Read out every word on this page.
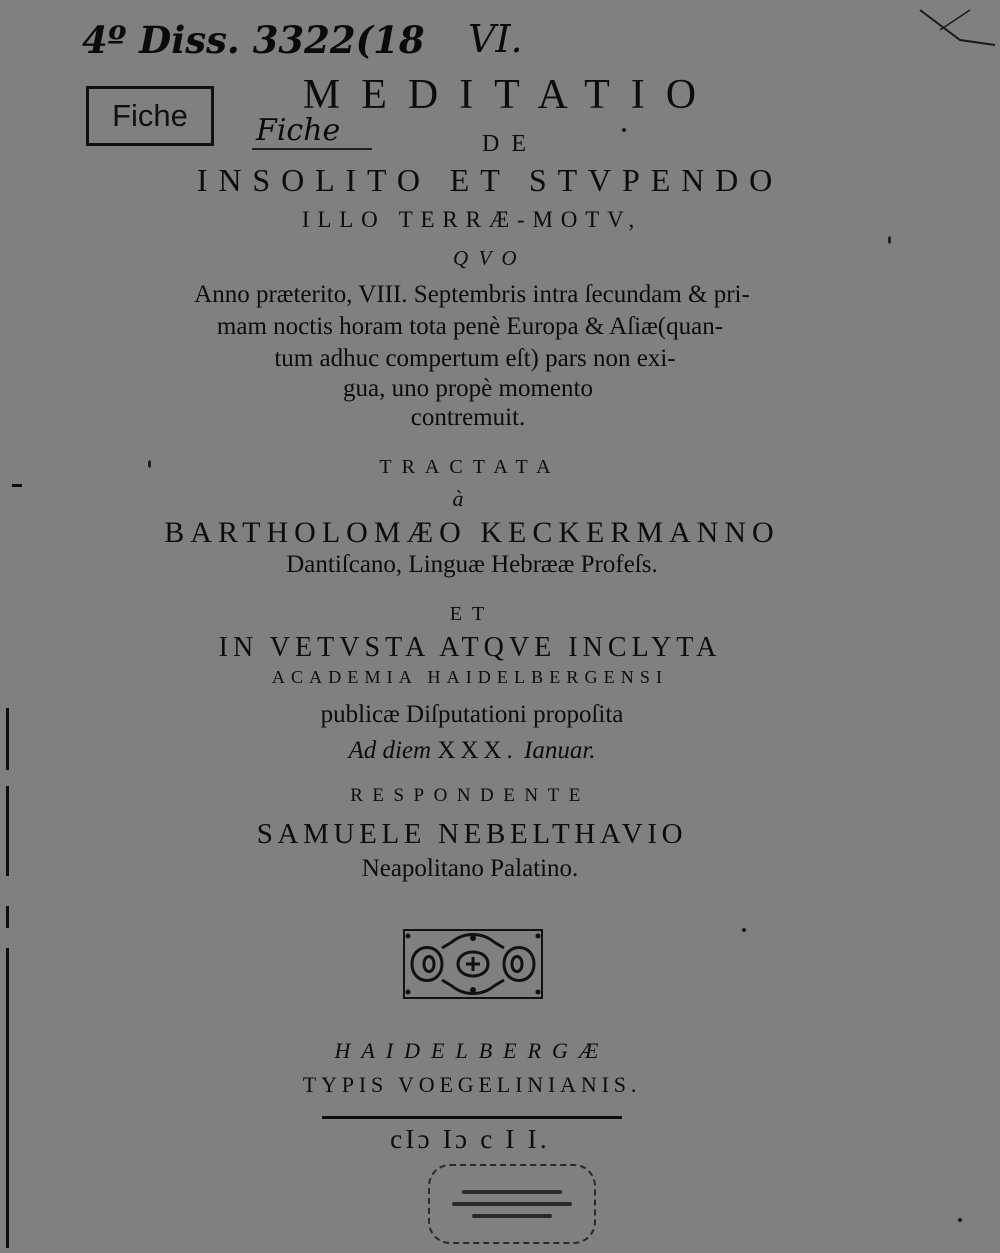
4º Diss. 3322(18 VI.
Fiche Fiche
MEDITATIO
DE
INSOLITO ET STVPENDO
ILLO TERRÆ-MOTV,
QVO
Anno præterito, VIII. Septembris intra ſecundam & pri-
mam noctis horam tota penè Europa & Aſiæ(quan-
tum adhuc compertum eſt) pars non exi-
gua, uno propè momento
contremuit.
TRACTATA
à
BARTHOLOMÆO KECKERMANNO
Dantiſcano, Linguæ Hebrææ Profeſs.
ET
IN VETVSTA ATQVE INCLYTA
ACADEMIA HAIDELBERGENSI
publicæ Diſputationi propoſita
Ad diem XXX. Ianuar.
RESPONDENTE
SAMUELE NEBELTHAVIO
Neapolitano Palatino.
HAIDELBERGÆ
TYPIS VOEGELINIANIS.
cIɔ Iɔ c I I.
